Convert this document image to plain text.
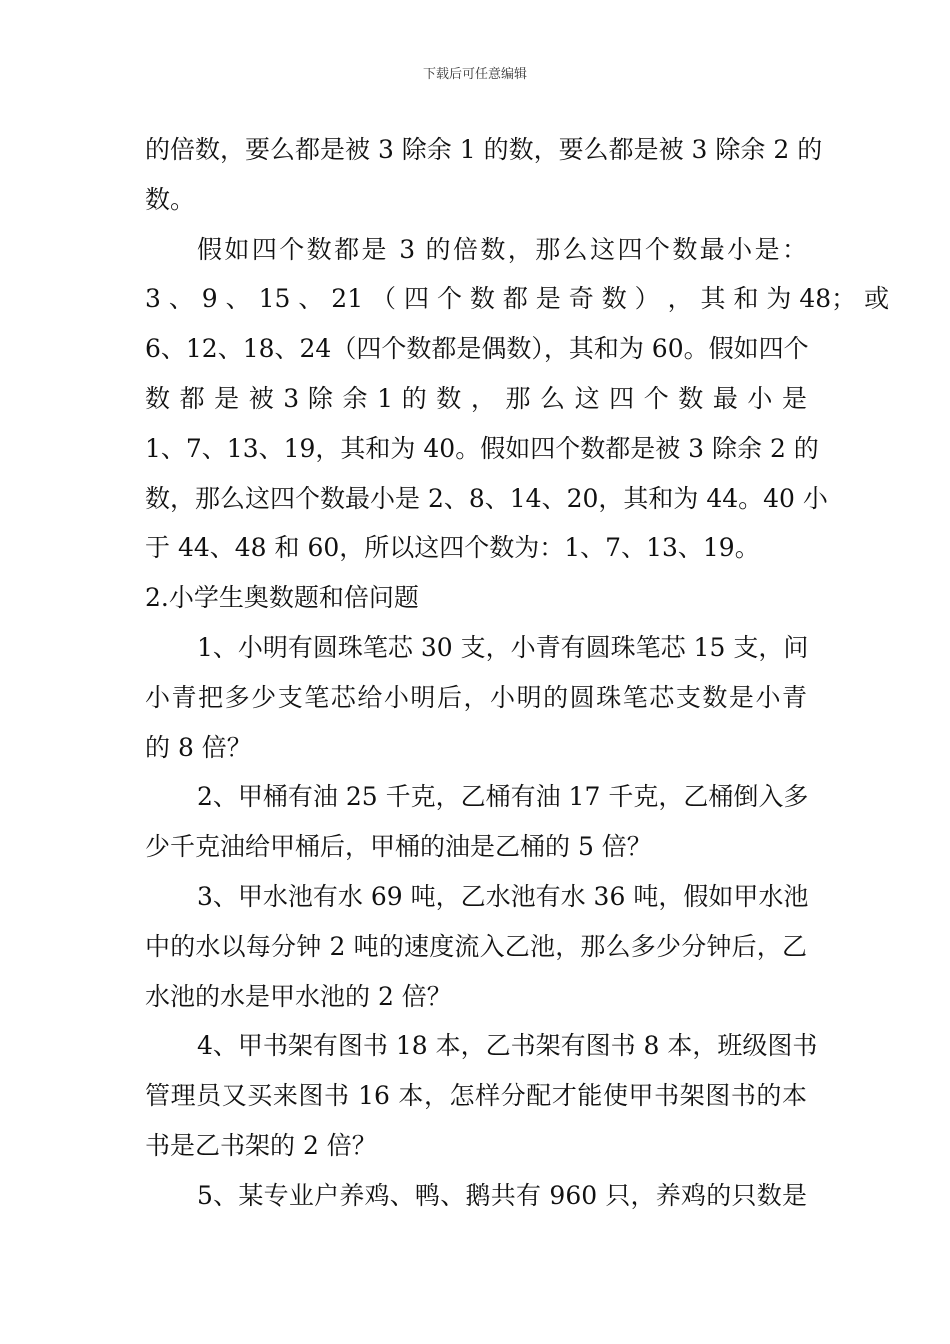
下载后可任意编辑
的倍数，要么都是被 3 除余 1 的数，要么都是被 3 除余 2 的
数。
假如四个数都是 3 的倍数，那么这四个数最小是：
3 、 9 、 15 、 21 （ 四 个 数 都 是 奇 数 ） ， 其 和 为 48； 或
6、12、18、24（四个数都是偶数），其和为 60。假如四个
数 都 是 被 3 除 余 1 的 数 ， 那 么 这 四 个 数 最 小 是
1、7、13、19，其和为 40。假如四个数都是被 3 除余 2 的
数，那么这四个数最小是 2、8、14、20，其和为 44。40 小
于 44、48 和 60，所以这四个数为：1、7、13、19。
2.小学生奥数题和倍问题
1、小明有圆珠笔芯 30 支，小青有圆珠笔芯 15 支，问
小青把多少支笔芯给小明后，小明的圆珠笔芯支数是小青
的 8 倍？
2、甲桶有油 25 千克，乙桶有油 17 千克，乙桶倒入多
少千克油给甲桶后，甲桶的油是乙桶的 5 倍？
3、甲水池有水 69 吨，乙水池有水 36 吨，假如甲水池
中的水以每分钟 2 吨的速度流入乙池，那么多少分钟后，乙
水池的水是甲水池的 2 倍？
4、甲书架有图书 18 本，乙书架有图书 8 本，班级图书
管理员又买来图书 16 本，怎样分配才能使甲书架图书的本
书是乙书架的 2 倍？
5、某专业户养鸡、鸭、鹅共有 960 只，养鸡的只数是
